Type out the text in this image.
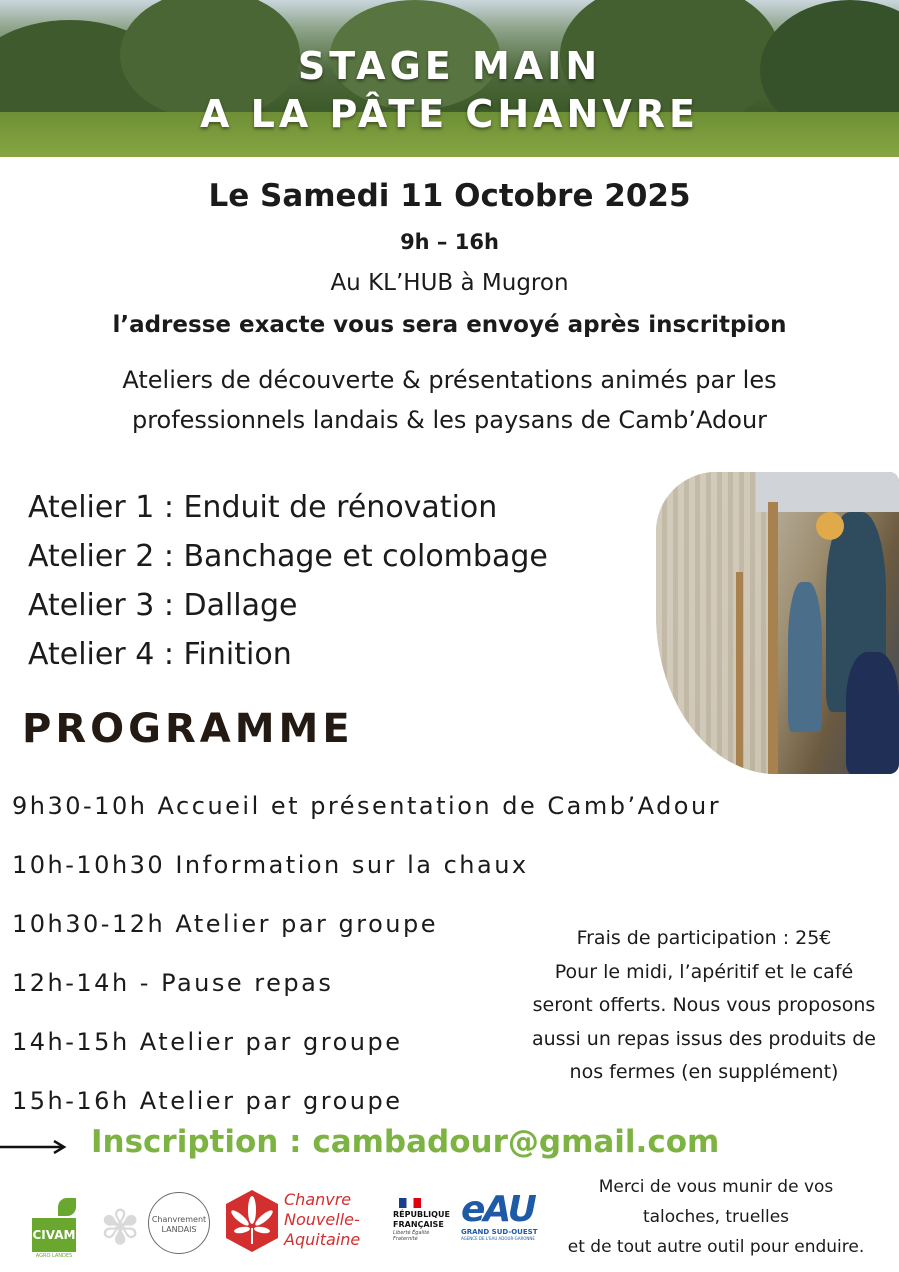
STAGE MAIN
A LA PÂTE CHANVRE
Le Samedi 11 Octobre 2025
9h – 16h
Au KL’HUB à Mugron
l’adresse exacte vous sera envoyé après inscritpion
Ateliers de découverte & présentations animés par les
professionnels landais & les paysans de Camb’Adour
Atelier 1 : Enduit de rénovation
Atelier 2 : Banchage et colombage
Atelier 3 : Dallage
Atelier 4 : Finition
PROGRAMME
9h30-10h Accueil et présentation de Camb’Adour
10h-10h30 Information sur la chaux
10h30-12h Atelier par groupe
12h-14h - Pause repas
14h-15h Atelier par groupe
15h-16h Atelier par groupe
Frais de participation : 25€
Pour le midi, l’apéritif et le café
seront offerts. Nous vous proposons
aussi un repas issus des produits de
nos fermes (en supplément)
Inscription : cambadour@gmail.com
CIVAM
AGRO LANDES ✾	Chanvrement
LANDAIS
Chanvre
Nouvelle-
Aquitaine
RÉPUBLIQUE
FRANÇAISE
Liberté Égalité Fraternité
eAU
GRAND SUD-OUEST
AGENCE DE L'EAU ADOUR-GARONNE
Merci de vous munir de vos
taloches, truelles
et de tout autre outil pour enduire.
